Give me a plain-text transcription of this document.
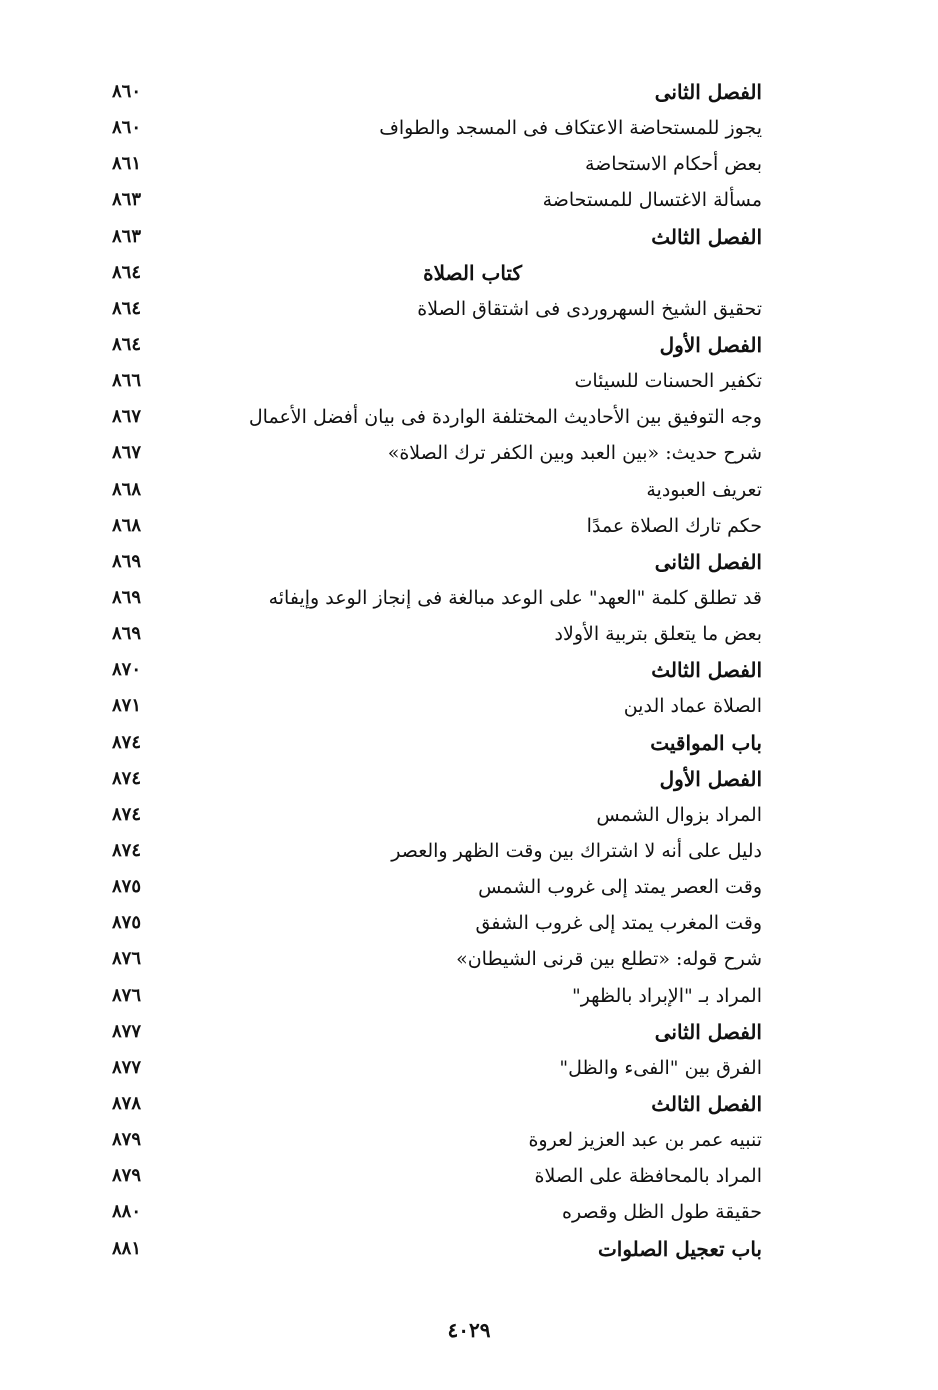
الفصل الثانى
٨٦٠
يجوز للمستحاضة الاعتكاف فى المسجد والطواف
٨٦٠
بعض أحكام الاستحاضة
٨٦١
مسألة الاغتسال للمستحاضة
٨٦٣
الفصل الثالث
٨٦٣
كتاب الصلاة
٨٦٤
تحقيق الشيخ السهروردى فى اشتقاق الصلاة
٨٦٤
الفصل الأول
٨٦٤
تكفير الحسنات للسيئات
٨٦٦
وجه التوفيق بين الأحاديث المختلفة الواردة فى بيان أفضل الأعمال
٨٦٧
شرح حديث: «بين العبد وبين الكفر ترك الصلاة»
٨٦٧
تعريف العبودية
٨٦٨
حكم تارك الصلاة عمدًا
٨٦٨
الفصل الثانى
٨٦٩
قد تطلق كلمة "العهد" على الوعد مبالغة فى إنجاز الوعد وإيفائه
٨٦٩
بعض ما يتعلق بتربية الأولاد
٨٦٩
الفصل الثالث
٨٧٠
الصلاة عماد الدين
٨٧١
باب المواقيت
٨٧٤
الفصل الأول
٨٧٤
المراد بزوال الشمس
٨٧٤
دليل على أنه لا اشتراك بين وقت الظهر والعصر
٨٧٤
وقت العصر يمتد إلى غروب الشمس
٨٧٥
وقت المغرب يمتد إلى غروب الشفق
٨٧٥
شرح قوله: «تطلع بين قرنى الشيطان»
٨٧٦
المراد بـ "الإبراد بالظهر"
٨٧٦
الفصل الثانى
٨٧٧
الفرق بين "الفىء والظل"
٨٧٧
الفصل الثالث
٨٧٨
تنبيه عمر بن عبد العزيز لعروة
٨٧٩
المراد بالمحافظة على الصلاة
٨٧٩
حقيقة طول الظل وقصره
٨٨٠
باب تعجيل الصلوات
٨٨١
٤٠٢٩
